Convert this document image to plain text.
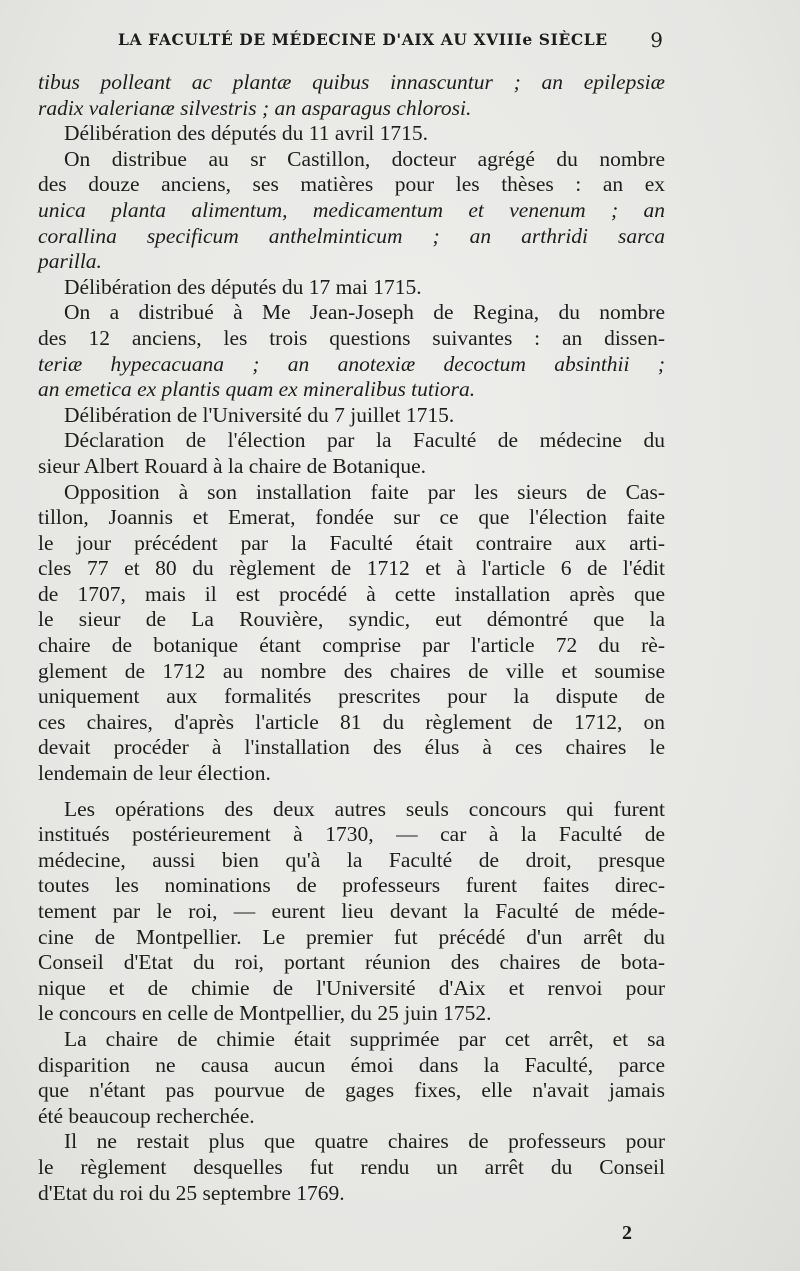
LA FACULTÉ DE MÉDECINE D'AIX AU XVIIIe SIÈCLE 9
tibus polleant ac plantæ quibus innascuntur ; an epilepsiæ
radix valerianæ silvestris ; an asparagus chlorosi.
Délibération des députés du 11 avril 1715.
On distribue au sr Castillon, docteur agrégé du nombre
des douze anciens, ses matières pour les thèses : an ex
unica planta alimentum, medicamentum et venenum ; an
corallina specificum anthelminticum ; an arthridi sarca
parilla.
Délibération des députés du 17 mai 1715.
On a distribué à Me Jean-Joseph de Regina, du nombre
des 12 anciens, les trois questions suivantes : an dissen-
teriæ hypecacuana ; an anotexiæ decoctum absinthii ;
an emetica ex plantis quam ex mineralibus tutiora.
Délibération de l'Université du 7 juillet 1715.
Déclaration de l'élection par la Faculté de médecine du
sieur Albert Rouard à la chaire de Botanique.
Opposition à son installation faite par les sieurs de Cas-
tillon, Joannis et Emerat, fondée sur ce que l'élection faite
le jour précédent par la Faculté était contraire aux arti-
cles 77 et 80 du règlement de 1712 et à l'article 6 de l'édit
de 1707, mais il est procédé à cette installation après que
le sieur de La Rouvière, syndic, eut démontré que la
chaire de botanique étant comprise par l'article 72 du rè-
glement de 1712 au nombre des chaires de ville et soumise
uniquement aux formalités prescrites pour la dispute de
ces chaires, d'après l'article 81 du règlement de 1712, on
devait procéder à l'installation des élus à ces chaires le
lendemain de leur élection.
Les opérations des deux autres seuls concours qui furent
institués postérieurement à 1730, — car à la Faculté de
médecine, aussi bien qu'à la Faculté de droit, presque
toutes les nominations de professeurs furent faites direc-
tement par le roi, — eurent lieu devant la Faculté de méde-
cine de Montpellier. Le premier fut précédé d'un arrêt du
Conseil d'Etat du roi, portant réunion des chaires de bota-
nique et de chimie de l'Université d'Aix et renvoi pour
le concours en celle de Montpellier, du 25 juin 1752.
La chaire de chimie était supprimée par cet arrêt, et sa
disparition ne causa aucun émoi dans la Faculté, parce
que n'étant pas pourvue de gages fixes, elle n'avait jamais
été beaucoup recherchée.
Il ne restait plus que quatre chaires de professeurs pour
le règlement desquelles fut rendu un arrêt du Conseil
d'Etat du roi du 25 septembre 1769.
2
